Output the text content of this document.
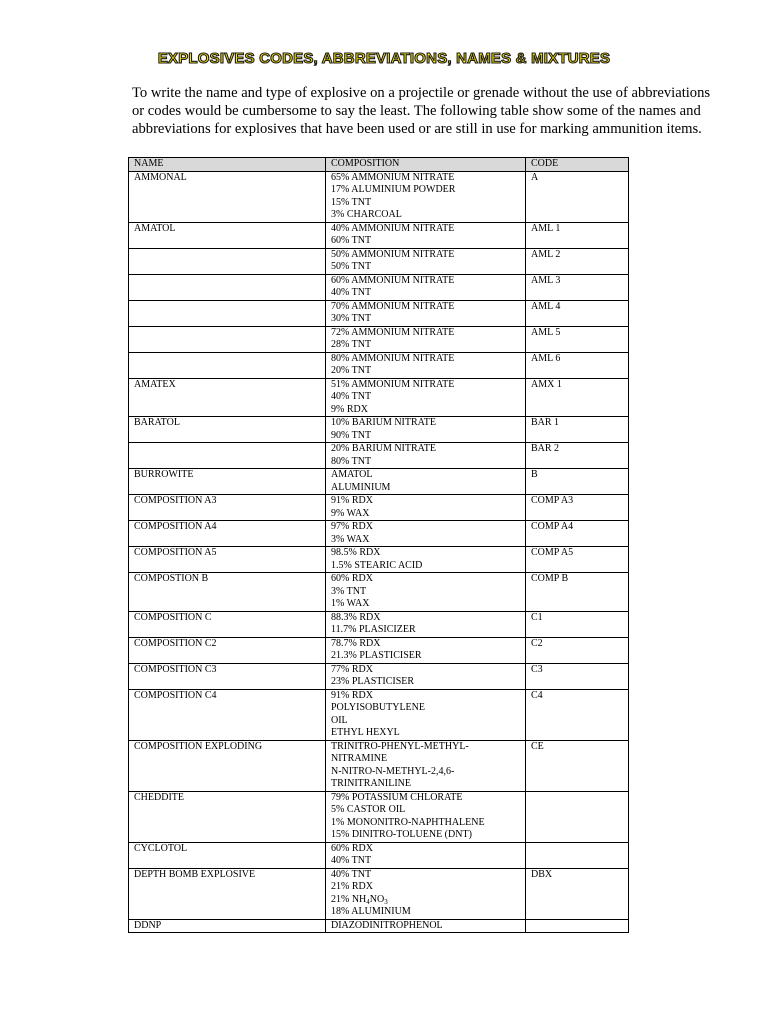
EXPLOSIVES CODES, ABBREVIATIONS, NAMES & MIXTURES
To write the name and type of explosive on a projectile or grenade without the use of abbreviations or codes would be cumbersome to say the least. The following table show some of the names and abbreviations for explosives that have been used or are still in use for marking ammunition items.
NAME	COMPOSITION	CODE
AMMONAL	65% AMMONIUM NITRATE
17% ALUMINIUM POWDER
15% TNT
3% CHARCOAL	A
AMATOL	40% AMMONIUM NITRATE
60% TNT	AML 1

	50% AMMONIUM NITRATE
50% TNT	AML 2

	60% AMMONIUM NITRATE
40% TNT	AML 3

	70% AMMONIUM NITRATE
30% TNT	AML 4

	72% AMMONIUM NITRATE
28% TNT	AML 5

	80% AMMONIUM NITRATE
20% TNT	AML 6
AMATEX	51% AMMONIUM NITRATE
40% TNT
9% RDX	AMX 1
BARATOL	10% BARIUM NITRATE
90% TNT	BAR 1

	20% BARIUM NITRATE
80% TNT	BAR 2
BURROWITE	AMATOL
ALUMINIUM	B
COMPOSITION A3	91% RDX
9% WAX	COMP A3
COMPOSITION A4	97% RDX
3% WAX	COMP A4
COMPOSITION A5	98.5% RDX
1.5% STEARIC ACID	COMP A5
COMPOSTION B	60% RDX
3% TNT
1% WAX	COMP B
COMPOSITION C	88.3% RDX
11.7% PLASICIZER	C1
COMPOSITION C2	78.7% RDX
21.3% PLASTICISER	C2
COMPOSITION C3	77% RDX
23% PLASTICISER	C3
COMPOSITION C4	91% RDX
POLYISOBUTYLENE
OIL
ETHYL HEXYL	C4
COMPOSITION EXPLODING	TRINITRO-PHENYL-METHYL-
NITRAMINE
N-NITRO-N-METHYL-2,4,6-
TRINITRANILINE	CE
CHEDDITE	79% POTASSIUM CHLORATE
5% CASTOR OIL
1% MONONITRO-NAPHTHALENE
15% DINITRO-TOLUENE (DNT)	

CYCLOTOL	60% RDX
40% TNT	

DEPTH BOMB EXPLOSIVE	40% TNT
21% RDX
21% $NH_4NO_3$
18% ALUMINIUM	DBX
DDNP	DIAZODINITROPHENOL	
